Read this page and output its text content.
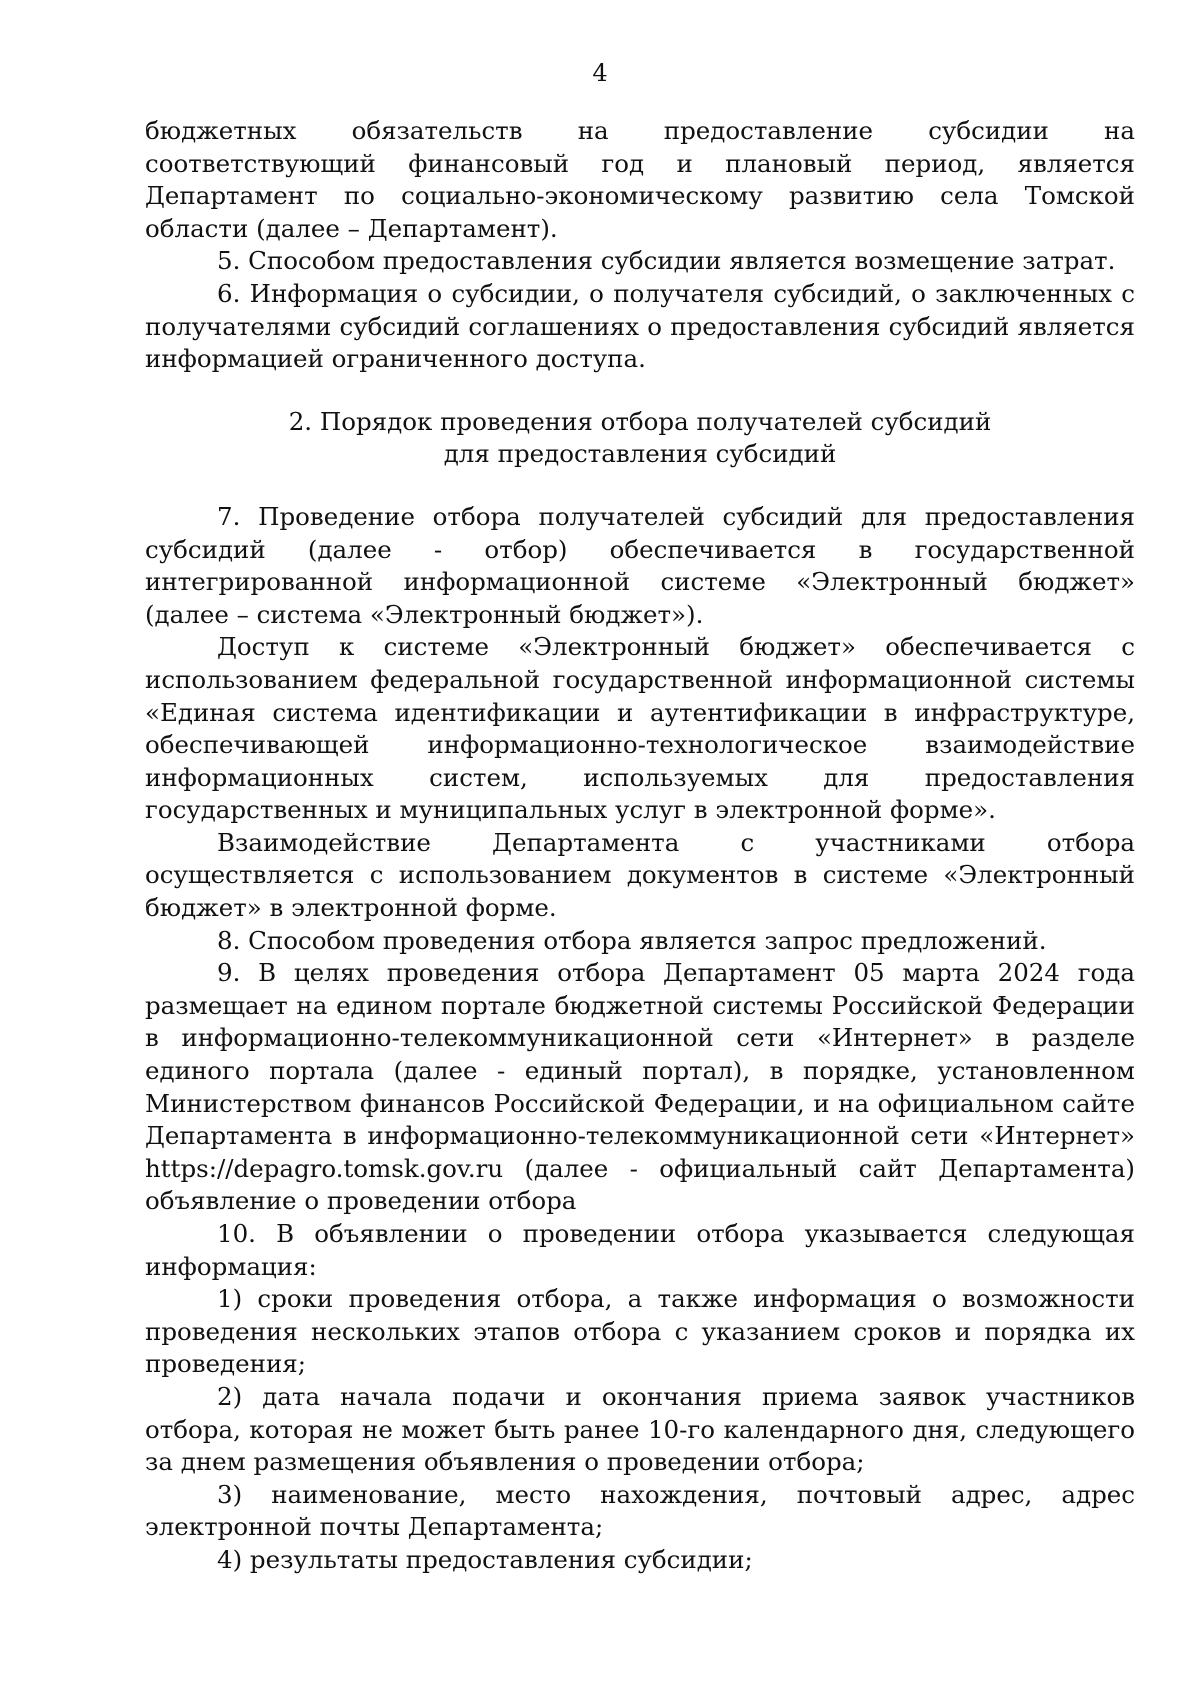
4

бюджетных обязательств на предоставление субсидии на соответствующий финансовый год и плановый период, является Департамент по социально-экономическому развитию села Томской области (далее – Департамент).

5. Способом предоставления субсидии является возмещение затрат.

6. Информация о субсидии, о получателя субсидий, о заключенных с получателями субсидий соглашениях о предоставления субсидий является информацией ограниченного доступа.

2. Порядок проведения отбора получателей субсидий

для предоставления субсидий

7. Проведение отбора получателей субсидий для предоставления субсидий (далее - отбор) обеспечивается в государственной интегрированной информационной системе «Электронный бюджет» (далее – система «Электронный бюджет»).

Доступ к системе «Электронный бюджет» обеспечивается с использованием федеральной государственной информационной системы «Единая система идентификации и аутентификации в инфраструктуре, обеспечивающей информационно-технологическое взаимодействие информационных систем, используемых для предоставления государственных и муниципальных услуг в электронной форме».

Взаимодействие Департамента с участниками отбора осуществляется с использованием документов в системе «Электронный бюджет» в электронной форме.

8. Способом проведения отбора является запрос предложений.

9. В целях проведения отбора Департамент 05 марта 2024 года размещает на едином портале бюджетной системы Российской Федерации в информационно-телекоммуникационной сети «Интернет» в разделе единого портала (далее - единый портал), в порядке, установленном Министерством финансов Российской Федерации, и на официальном сайте Департамента в информационно-телекоммуникационной сети «Интернет» https://depagro.tomsk.gov.ru (далее - официальный сайт Департамента) объявление о проведении отбора

10. В объявлении о проведении отбора указывается следующая информация:

1) сроки проведения отбора, а также информация о возможности проведения нескольких этапов отбора с указанием сроков и порядка их проведения;

2) дата начала подачи и окончания приема заявок участников отбора, которая не может быть ранее 10-го календарного дня, следующего за днем размещения объявления о проведении отбора;

3) наименование, место нахождения, почтовый адрес, адрес электронной почты Департамента;

4) результаты предоставления субсидии;
